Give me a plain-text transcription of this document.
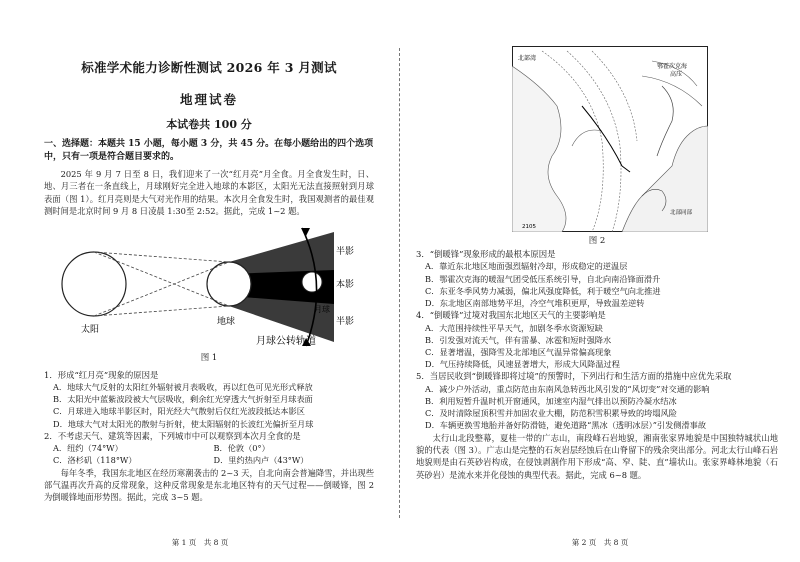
标准学术能力诊断性测试 2026 年 3 月测试

地理试卷

本试卷共 100 分

一、选择题：本题共 15 小题，每小题 3 分，共 45 分。在每小题给出的四个选项中，只有一项是符合题目要求的。

2025 年 9 月 7 日至 8 日，我们迎来了一次“红月亮”月全食。月全食发生时，日、地、月三者在一条直线上，月球刚好完全进入地球的本影区，太阳光无法直接照射到月球表面（图 1）。红月亮则是大气对光作用的结果。本次月全食发生时，我国观测者的最佳观测时间是北京时间 9 月 8 日凌晨 1:30至 2:52。据此，完成 1~2 题。

太阳
地球
半影
本影
月球
半影
月球公转轨道

图 1

1．形成“红月亮”现象的原因是

A．地球大气反射的太阳红外辐射被月表吸收，再以红色可见光形式释放

B．太阳光中蓝紫波段被大气层吸收，剩余红光穿透大气折射至月球表面

C．月球进入地球半影区时，阳光经大气散射后仅红光波段抵达本影区

D．地球大气对太阳光的散射与折射，使太阳辐射的长波红光偏折至月球

2．不考虑天气、建筑等因素，下列城市中可以观察到本次月全食的是

A．纽约（74°W）	B．伦敦（0°）
C．洛杉矶（118°W）	D．里约热内卢（43°W）

每年冬季，我国东北地区在经历寒潮袭击的 2~3 天，自北向南会普遍降雪，并出现些部气温再次升高的反常现象，这种反常现象是东北地区特有的天气过程——倒暖锋，图 2 为倒暖锋地面形势图。据此，完成 3~5 题。

第 1 页　共 8 页
北部湾
鄂霍次克海
高压
2105
北部同部

图 2

3．“倒暖锋”现象形成的最根本原因是

A．靠近东北地区地面强烈辐射冷却，形成稳定的逆温层

B．鄂霍次克海的暖湿气团受低压系统引导，自北向南沿锋面滑升

C．东亚冬季风势力减弱，偏北风强度降低，利于暖空气向北推进

D．东北地区南部地势平坦，冷空气堆积更厚，导致温差逆转

4．“倒暖锋”过境对我国东北地区天气的主要影响是

A．大范围持续性平旱天气，加剧冬季水资源短缺

B．引发强对流天气，伴有雷暴、冰雹和短时强降水

C．显著增温，强降雪及北部地区气温异常偏高现象

D．气压持续降低，风速显著增大，形成大风降温过程

5．当居民收到“倒暖锋即将过境”的预警时，下列出行和生活方面的措施中应优先采取

A．减少户外活动，重点防范由东南风急转西北风引发的“风切变”对交通的影响

B．利用短暂升温时机开窗通风，加速室内湿气排出以预防冷凝水结冰

C．及时清除屋顶积雪并加固农业大棚，防范积雪积累导致的垮塌风险

D．车辆更换雪地胎并备好防滑链，避免道路“黑冰（透明冰层）”引发侧滑事故

太行山北段整幕，夏桂一带的广志山，南段峰石岩地貌，湘南张家界地貌是中国独特城状山地貌的代表（图 3）。广志山是完整的石灰岩层经蚀后在山脊留下的残余突出部分。河北太行山峰石岩地貌则是由石英砂岩构成，在侵蚀剥割作用下形成“高、窄、陡、直”墙状山。张家界峰林地貌（石英砂岩）是流水来并化侵蚀的典型代表。据此，完成 6~8 题。

第 2 页　共 8 页
